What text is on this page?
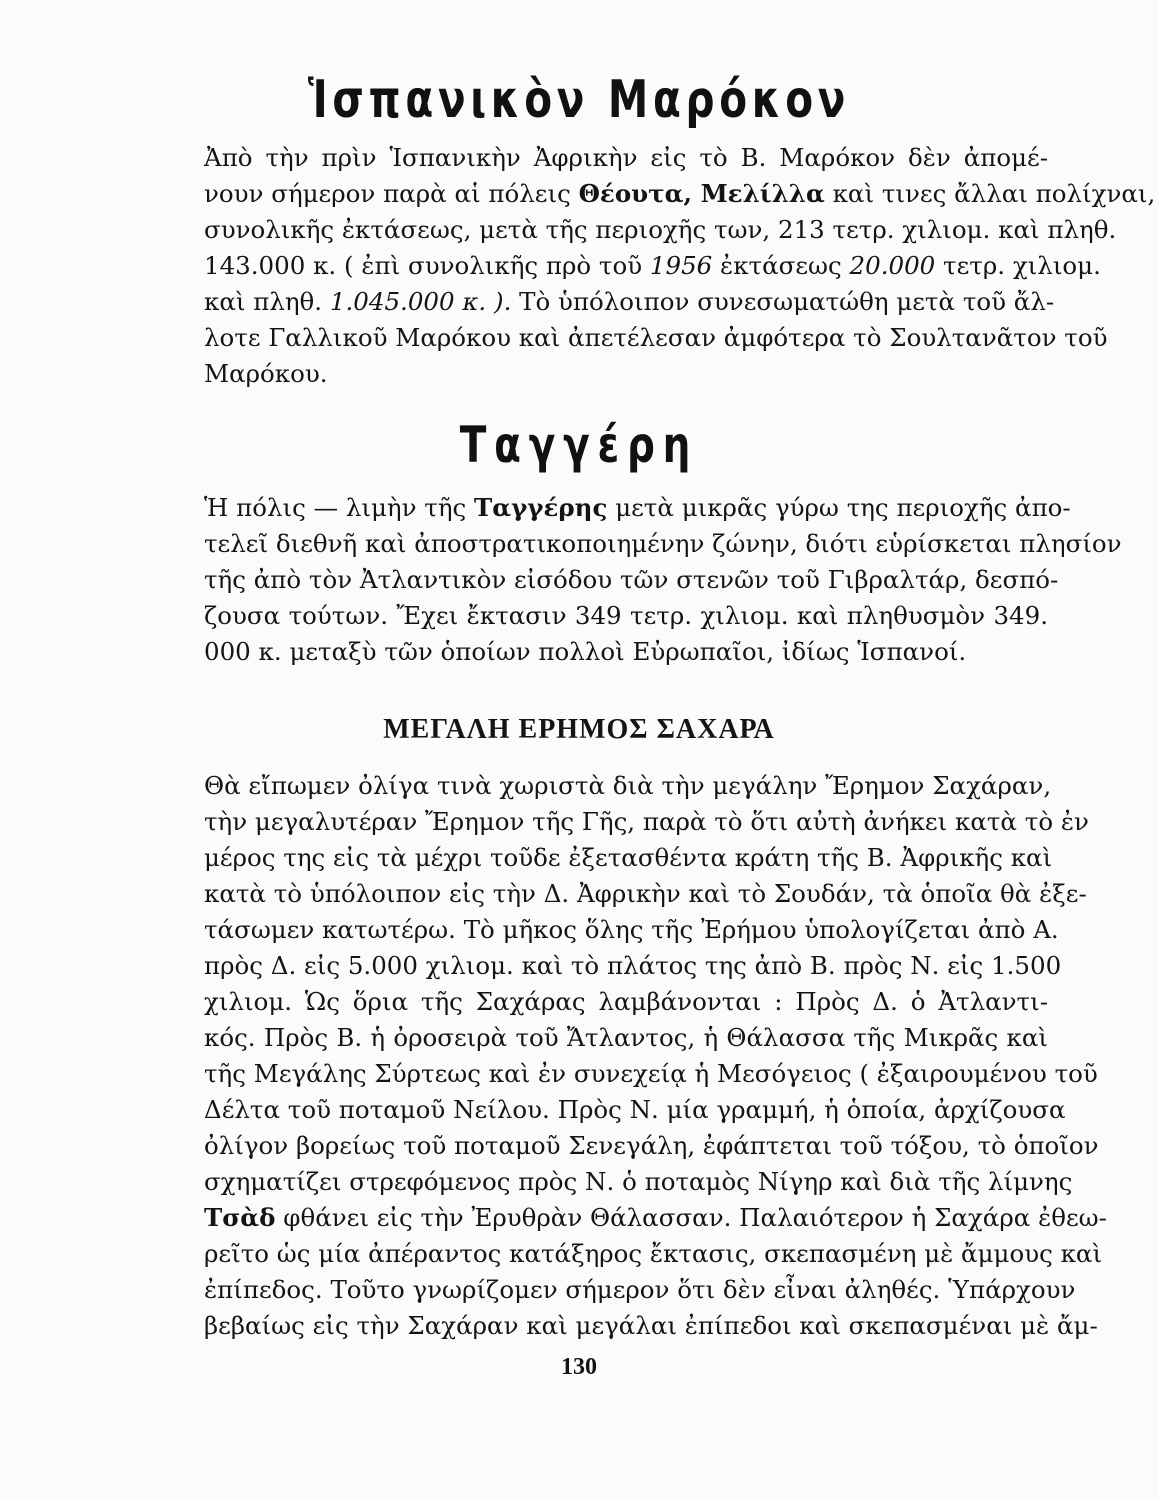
Ἱσπανικὸν Μαρόκον
Ἀπὸ τὴν πρὶν Ἱσπανικὴν Ἀφρικὴν εἰς τὸ Β. Μαρόκον δὲν ἀπομέ-
νουν σήμερον παρὰ αἱ πόλεις Θέουτα, Μελίλλα καὶ τινες ἄλλαι πολίχναι,
συνολικῆς ἐκτάσεως, μετὰ τῆς περιοχῆς των, 213 τετρ. χιλιομ. καὶ πληθ.
143.000 κ. ( ἐπὶ συνολικῆς πρὸ τοῦ 1956 ἐκτάσεως 20.000 τετρ. χιλιομ.
καὶ πληθ. 1.045.000 κ. ). Τὸ ὑπόλοιπον συνεσωματώθη μετὰ τοῦ ἄλ-
λοτε Γαλλικοῦ Μαρόκου καὶ ἀπετέλεσαν ἀμφότερα τὸ Σουλτανᾶτον τοῦ
Μαρόκου.
Ταγγέρη
Ἡ πόλις — λιμὴν τῆς Ταγγέρης μετὰ μικρᾶς γύρω της περιοχῆς ἀπο-
τελεῖ διεθνῆ καὶ ἀποστρατικοποιημένην ζώνην, διότι εὑρίσκεται πλησίον
τῆς ἀπὸ τὸν Ἀτλαντικὸν εἰσόδου τῶν στενῶν τοῦ Γιβραλτάρ, δεσπό-
ζουσα τούτων. Ἔχει ἔκτασιν 349 τετρ. χιλιομ. καὶ πληθυσμὸν 349.
000 κ. μεταξὺ τῶν ὁποίων πολλοὶ Εὐρωπαῖοι, ἰδίως Ἱσπανοί.
ΜΕΓΑΛΗ ΕΡΗΜΟΣ ΣΑΧΑΡΑ
Θὰ εἴπωμεν ὀλίγα τινὰ χωριστὰ διὰ τὴν μεγάλην Ἔρημον Σαχάραν,
τὴν μεγαλυτέραν Ἔρημον τῆς Γῆς, παρὰ τὸ ὅτι αὐτὴ ἀνήκει κατὰ τὸ ἐν
μέρος της εἰς τὰ μέχρι τοῦδε ἐξετασθέντα κράτη τῆς Β. Ἀφρικῆς καὶ
κατὰ τὸ ὑπόλοιπον εἰς τὴν Δ. Ἀφρικὴν καὶ τὸ Σουδάν, τὰ ὁποῖα θὰ ἐξε-
τάσωμεν κατωτέρω. Τὸ μῆκος ὅλης τῆς Ἐρήμου ὑπολογίζεται ἀπὸ Α.
πρὸς Δ. εἰς 5.000 χιλιομ. καὶ τὸ πλάτος της ἀπὸ Β. πρὸς Ν. εἰς 1.500
χιλιομ. Ὡς ὅρια τῆς Σαχάρας λαμβάνονται : Πρὸς Δ. ὁ Ἀτλαντι-
κός. Πρὸς Β. ἡ ὀροσειρὰ τοῦ Ἄτλαντος, ἡ Θάλασσα τῆς Μικρᾶς καὶ
τῆς Μεγάλης Σύρτεως καὶ ἐν συνεχείᾳ ἡ Μεσόγειος ( ἐξαιρουμένου τοῦ
Δέλτα τοῦ ποταμοῦ Νείλου. Πρὸς Ν. μία γραμμή, ἡ ὁποία, ἀρχίζουσα
ὀλίγον βορείως τοῦ ποταμοῦ Σενεγάλη, ἐφάπτεται τοῦ τόξου, τὸ ὁποῖον
σχηματίζει στρεφόμενος πρὸς Ν. ὁ ποταμὸς Νίγηρ καὶ διὰ τῆς λίμνης
Τσὰδ φθάνει εἰς τὴν Ἐρυθρὰν Θάλασσαν. Παλαιότερον ἡ Σαχάρα ἐθεω-
ρεῖτο ὡς μία ἀπέραντος κατάξηρος ἔκτασις, σκεπασμένη μὲ ἄμμους καὶ
ἐπίπεδος. Τοῦτο γνωρίζομεν σήμερον ὅτι δὲν εἶναι ἀληθές. Ὑπάρχουν
βεβαίως εἰς τὴν Σαχάραν καὶ μεγάλαι ἐπίπεδοι καὶ σκεπασμέναι μὲ ἄμ-
130
